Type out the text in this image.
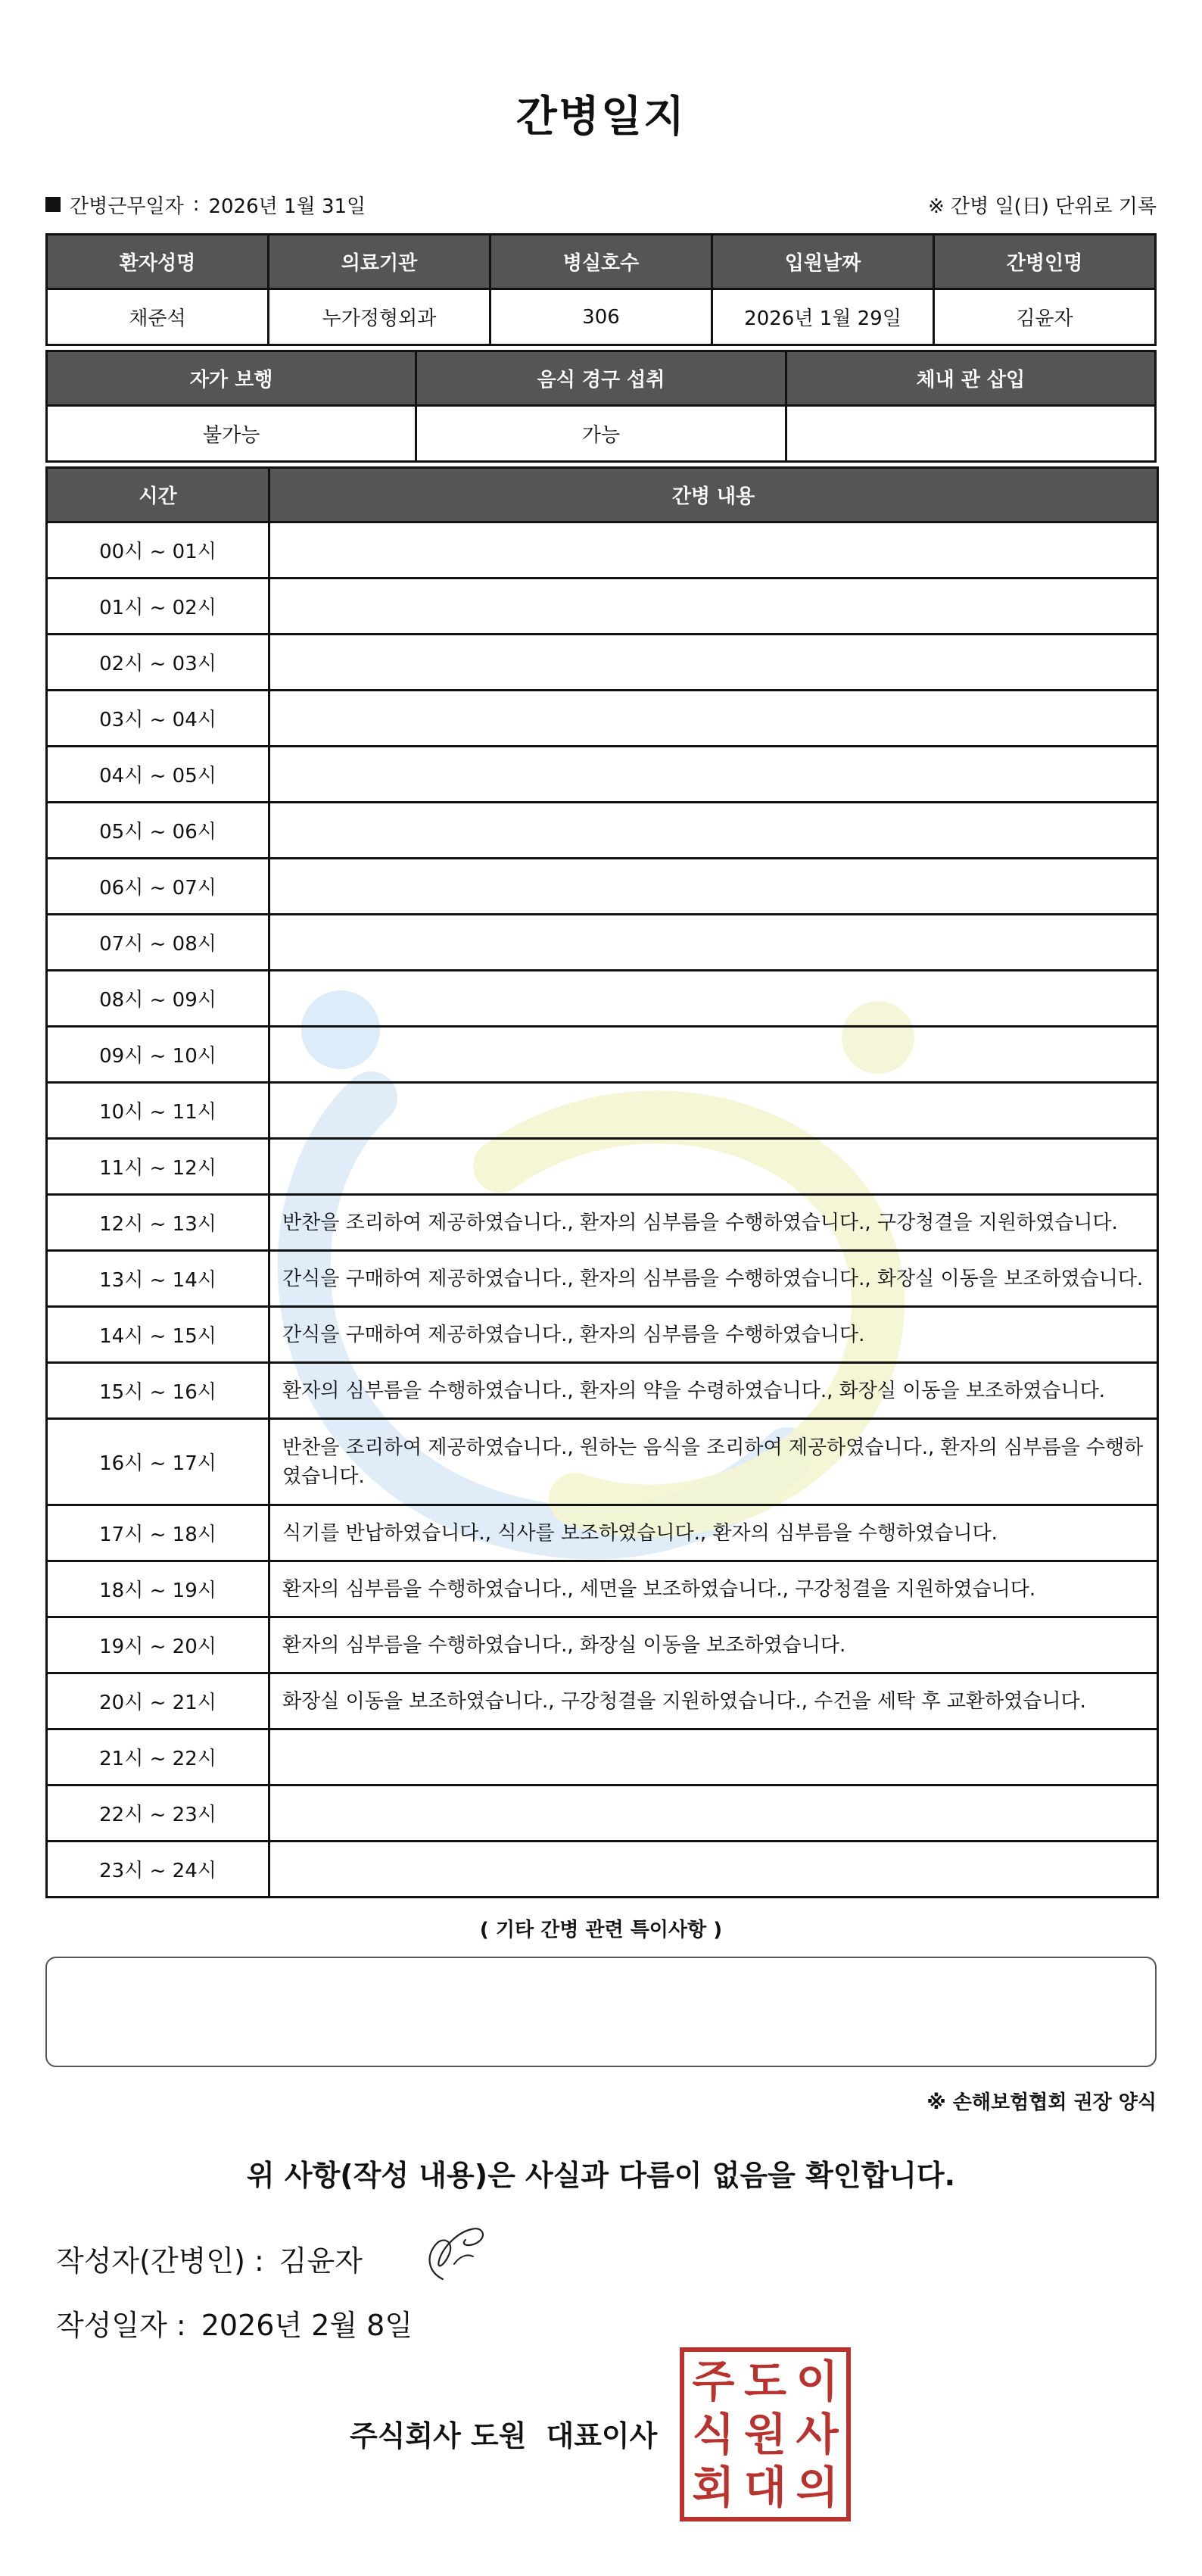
간병일지
간병근무일자 : 2026년 1월 31일	※ 간병 일(日) 단위로 기록
환자성명	의료기관	병실호수	입원날짜	간병인명
채준석	누가정형외과	306	2026년 1월 29일	김윤자
자가 보행	음식 경구 섭취	체내 관 삽입
불가능	가능	
시간	간병 내용
00시 ~ 01시	
01시 ~ 02시	
02시 ~ 03시	
03시 ~ 04시	
04시 ~ 05시	
05시 ~ 06시	
06시 ~ 07시	
07시 ~ 08시	
08시 ~ 09시	
09시 ~ 10시	
10시 ~ 11시	
11시 ~ 12시	
12시 ~ 13시	반찬을 조리하여 제공하였습니다., 환자의 심부름을 수행하였습니다., 구강청결을 지원하였습니다.
13시 ~ 14시	간식을 구매하여 제공하였습니다., 환자의 심부름을 수행하였습니다., 화장실 이동을 보조하였습니다.
14시 ~ 15시	간식을 구매하여 제공하였습니다., 환자의 심부름을 수행하였습니다.
15시 ~ 16시	환자의 심부름을 수행하였습니다., 환자의 약을 수령하였습니다., 화장실 이동을 보조하였습니다.
16시 ~ 17시	반찬을 조리하여 제공하였습니다., 원하는 음식을 조리하여 제공하였습니다., 환자의 심부름을 수행하였습니다.
17시 ~ 18시	식기를 반납하였습니다., 식사를 보조하였습니다., 환자의 심부름을 수행하였습니다.
18시 ~ 19시	환자의 심부름을 수행하였습니다., 세면을 보조하였습니다., 구강청결을 지원하였습니다.
19시 ~ 20시	환자의 심부름을 수행하였습니다., 화장실 이동을 보조하였습니다.
20시 ~ 21시	화장실 이동을 보조하였습니다., 구강청결을 지원하였습니다., 수건을 세탁 후 교환하였습니다.
21시 ~ 22시	
22시 ~ 23시	
23시 ~ 24시	
( 기타 간병 관련 특이사항 )
※ 손해보험협회 권장 양식
위 사항(작성 내용)은 사실과 다름이 없음을 확인합니다.
작성자(간병인) : 김윤자
작성일자 : 2026년 2월 8일
주식회사 도원 대표이사
주 도 이
식 원 사
회 대 의
